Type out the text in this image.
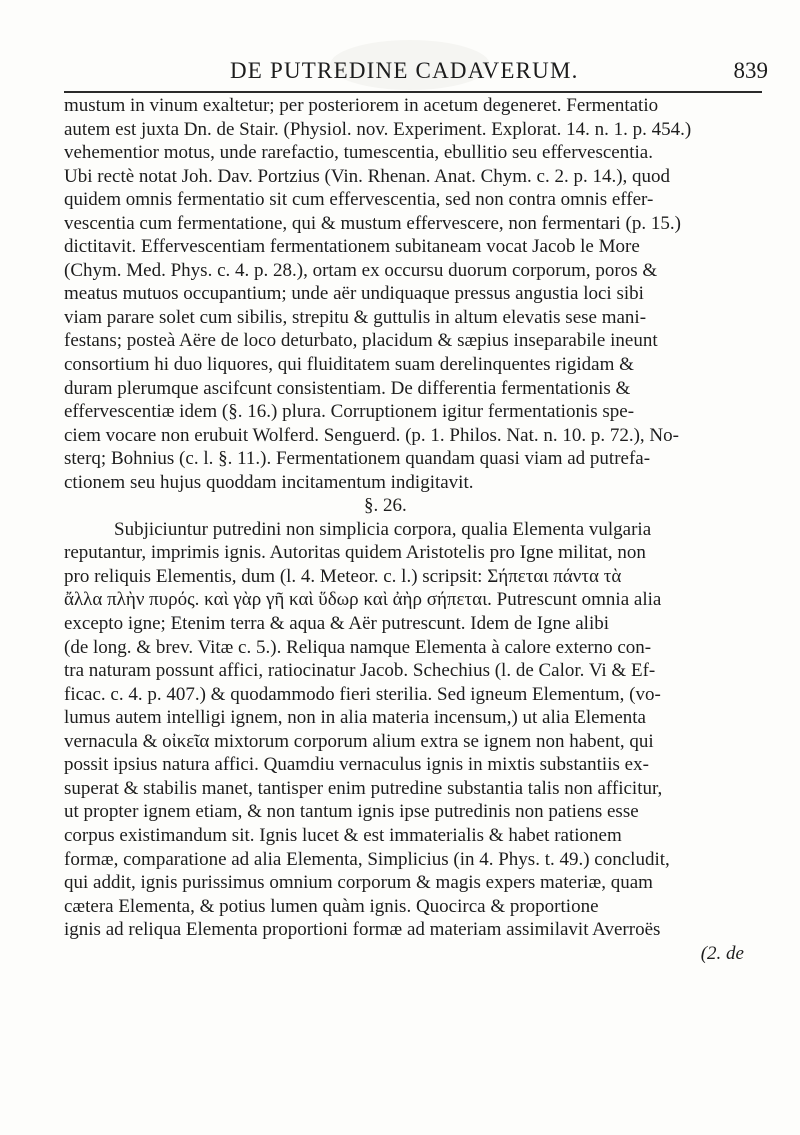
DE PUTREDINE CADAVERUM.	839
mustum in vinum exaltetur; per posteriorem in acetum degeneret. Fermentatio
autem est juxta Dn. de Stair. (Physiol. nov. Experiment. Explorat. 14. n. 1. p. 454.)
vehementior motus, unde rarefactio, tumescentia, ebullitio seu effervescentia.
Ubi rectè notat Joh. Dav. Portzius (Vin. Rhenan. Anat. Chym. c. 2. p. 14.), quod
quidem omnis fermentatio sit cum effervescentia, sed non contra omnis effer-
vescentia cum fermentatione, qui & mustum effervescere, non fermentari (p. 15.)
dictitavit. Effervescentiam fermentationem subitaneam vocat Jacob le More
(Chym. Med. Phys. c. 4. p. 28.), ortam ex occursu duorum corporum, poros &
meatus mutuos occupantium; unde aër undiquaque pressus angustia loci sibi
viam parare solet cum sibilis, strepitu & guttulis in altum elevatis sese mani-
festans; posteà Aëre de loco deturbato, placidum & sæpius inseparabile ineunt
consortium hi duo liquores, qui fluiditatem suam derelinquentes rigidam &
duram plerumque ascifcunt consistentiam. De differentia fermentationis &
effervescentiæ idem (§. 16.) plura. Corruptionem igitur fermentationis spe-
ciem vocare non erubuit Wolferd. Senguerd. (p. 1. Philos. Nat. n. 10. p. 72.), No-
sterq; Bohnius (c. l. §. 11.). Fermentationem quandam quasi viam ad putrefa-
ctionem seu hujus quoddam incitamentum indigitavit.
§. 26.
Subjiciuntur putredini non simplicia corpora, qualia Elementa vulgaria
reputantur, imprimis ignis. Autoritas quidem Aristotelis pro Igne militat, non
pro reliquis Elementis, dum (l. 4. Meteor. c. l.) scripsit: Σήπεται πάντα τὰ
ἄλλα πλὴν πυρός. καὶ γὰρ γῆ καὶ ὕδωρ καὶ ἀὴρ σήπεται. Putrescunt omnia alia
excepto igne; Etenim terra & aqua & Aër putrescunt. Idem de Igne alibi
(de long. & brev. Vitæ c. 5.). Reliqua namque Elementa à calore externo con-
tra naturam possunt affici, ratiocinatur Jacob. Schechius (l. de Calor. Vi & Ef-
ficac. c. 4. p. 407.) & quodammodo fieri sterilia. Sed igneum Elementum, (vo-
lumus autem intelligi ignem, non in alia materia incensum,) ut alia Elementa
vernacula & οἰκεῖα mixtorum corporum alium extra se ignem non habent, qui
possit ipsius natura affici. Quamdiu vernaculus ignis in mixtis substantiis ex-
superat & stabilis manet, tantisper enim putredine substantia talis non afficitur,
ut propter ignem etiam, & non tantum ignis ipse putredinis non patiens esse
corpus existimandum sit. Ignis lucet & est immaterialis & habet rationem
formæ, comparatione ad alia Elementa, Simplicius (in 4. Phys. t. 49.) concludit,
qui addit, ignis purissimus omnium corporum & magis expers materiæ, quam
cætera Elementa, & potius lumen quàm ignis. Quocirca & proportione
ignis ad reliqua Elementa proportioni formæ ad materiam assimilavit Averroës
(2. de
